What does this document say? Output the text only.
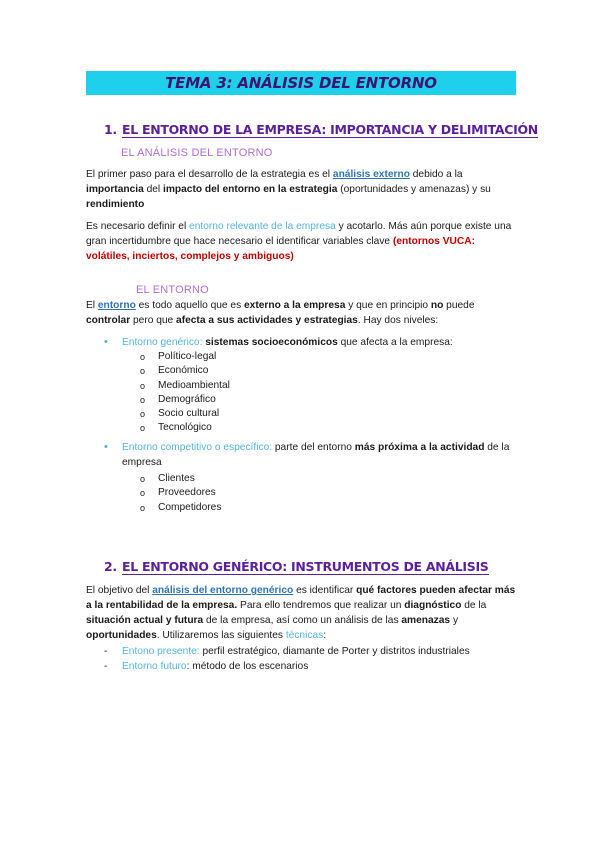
TEMA 3: ANÁLISIS DEL ENTORNO
1. EL ENTORNO DE LA EMPRESA: IMPORTANCIA Y DELIMITACIÓN
EL ANÁLISIS DEL ENTORNO
El primer paso para el desarrollo de la estrategia es el análisis externo debido a la importancia del impacto del entorno en la estrategia (oportunidades y amenazas) y su rendimiento
Es necesario definir el entorno relevante de la empresa y acotarlo. Más aún porque existe una gran incertidumbre que hace necesario el identificar variables clave (entornos VUCA: volátiles, inciertos, complejos y ambiguos)
EL ENTORNO
El entorno es todo aquello que es externo a la empresa y que en principio no puede controlar pero que afecta a sus actividades y estrategias. Hay dos niveles:
• Entorno genérico: sistemas socioeconómicos que afecta a la empresa:
o	Político-legal
o	Económico
o	Medioambiental
o	Demográfico
o	Socio cultural
o	Tecnológico
• Entorno competitivo o específico: parte del entorno más próxima a la actividad de la empresa
o	Clientes
o	Proveedores
o	Competidores
2. EL ENTORNO GENÉRICO: INSTRUMENTOS DE ANÁLISIS
El objetivo del análisis del entorno genérico es identificar qué factores pueden afectar más a la rentabilidad de la empresa. Para ello tendremos que realizar un diagnóstico de la situación actual y futura de la empresa, así como un análisis de las amenazas y oportunidades. Utilizaremos las siguientes técnicas:
- Entono presente: perfil estratégico, diamante de Porter y distritos industriales
- Entorno futuro: método de los escenarios
